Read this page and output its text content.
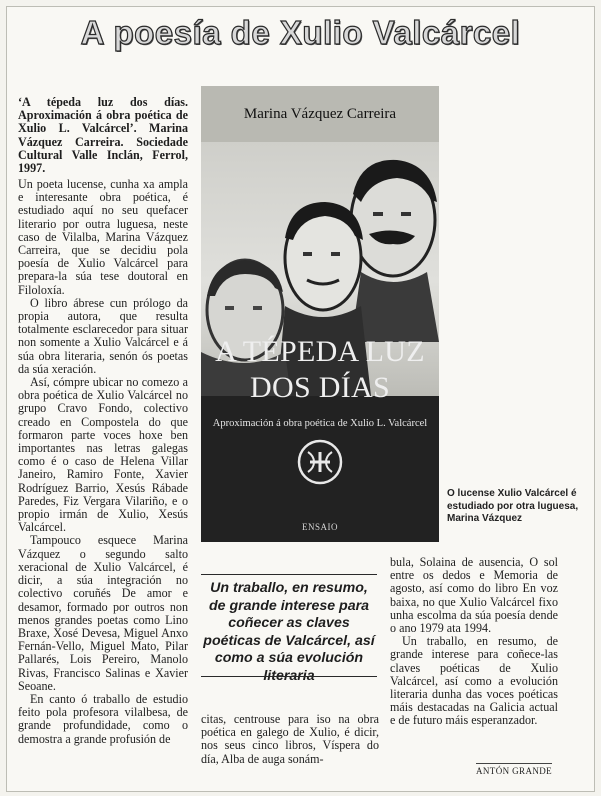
A poesía de Xulio Valcárcel

‘A tépeda luz dos días. Aproximación á obra poética de Xulio L. Valcárcel’. Marina Vázquez Carreira. Sociedade Cultural Valle Inclán, Ferrol, 1997.

Un poeta lucense, cunha xa ampla e interesante obra poética, é estudiado aquí no seu quefacer literario por outra luguesa, neste caso de Vilalba, Marina Vázquez Carreira, que se decidiu pola poesía de Xulio Valcárcel para prepara-la súa tese doutoral en Filoloxía.

O libro ábrese cun prólogo da propia autora, que resulta totalmente esclarecedor para situar non somente a Xulio Valcárcel e á súa obra literaria, senón ós poetas da súa xeración.

Así, cómpre ubicar no comezo a obra poética de Xulio Valcárcel no grupo Cravo Fondo, colectivo creado en Compostela do que formaron parte voces hoxe ben importantes nas letras galegas como é o caso de Helena Villar Janeiro, Ramiro Fonte, Xavier Rodríguez Barrio, Xesús Rábade Paredes, Fiz Vergara Vilariño, e o propio irmán de Xulio, Xesús Valcárcel.

Tampouco esquece Marina Vázquez o segundo salto xeracional de Xulio Valcárcel, é dicir, a súa integración no colectivo coruñés De amor e desamor, formado por outros non menos grandes poetas como Lino Braxe, Xosé Devesa, Miguel Anxo Fernán-Vello, Miguel Mato, Pilar Pallarés, Lois Pereiro, Manolo Rivas, Francisco Salinas e Xavier Seoane.

En canto ó traballo de estudio feito pola profesora vilalbesa, de grande profundidade, como o demostra a grande profusión de

Marina Vázquez Carreira
A TÉPEDA LUZ
DOS DÍAS
Aproximación á obra poética de Xulio L. Valcárcel
ENSAIO
O lucense Xulio Valcárcel é estudiado por otra luguesa, Marina Vázquez
Un traballo, en resumo, de grande interese para coñecer as claves poéticas de Valcárcel, así como a súa evolución literaria

citas, centrouse para iso na obra poética en galego de Xulio, é dicir, nos seus cinco libros, Víspera do día, Alba de auga sonám-

bula, Solaina de ausencia, O sol entre os dedos e Memoria de agosto, así como do libro En voz baixa, no que Xulio Valcárcel fixo unha escolma da súa poesía dende o ano 1979 ata 1994.

Un traballo, en resumo, de grande interese para coñece-las claves poéticas de Xulio Valcárcel, así como a evolución literaria dunha das voces poéticas máis destacadas na Galicia actual e de futuro máis esperanzador.

ANTÓN GRANDE
